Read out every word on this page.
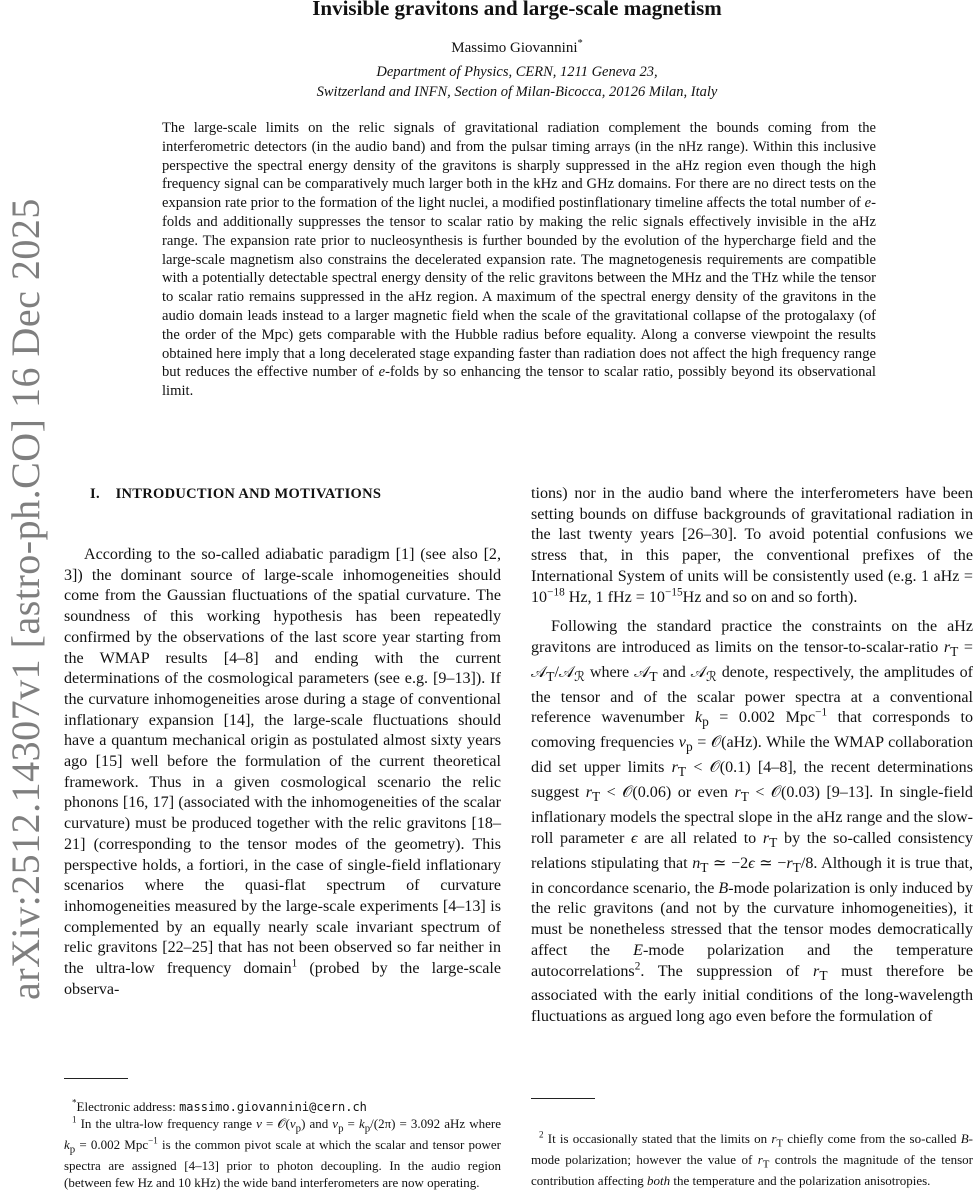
arXiv:2512.14307v1 [astro-ph.CO] 16 Dec 2025
Invisible gravitons and large-scale magnetism
Massimo Giovannini*
Department of Physics, CERN, 1211 Geneva 23,
Switzerland and INFN, Section of Milan-Bicocca, 20126 Milan, Italy

The large-scale limits on the relic signals of gravitational radiation complement the bounds coming from the interferometric detectors (in the audio band) and from the pulsar timing arrays (in the nHz range). Within this inclusive perspective the spectral energy density of the gravitons is sharply suppressed in the aHz region even though the high frequency signal can be comparatively much larger both in the kHz and GHz domains. For there are no direct tests on the expansion rate prior to the formation of the light nuclei, a modified postinflationary timeline affects the total number of e-folds and additionally suppresses the tensor to scalar ratio by making the relic signals effectively invisible in the aHz range. The expansion rate prior to nucleosynthesis is further bounded by the evolution of the hypercharge field and the large-scale magnetism also constrains the decelerated expansion rate. The magnetogenesis requirements are compatible with a potentially detectable spectral energy density of the relic gravitons between the MHz and the THz while the tensor to scalar ratio remains suppressed in the aHz region. A maximum of the spectral energy density of the gravitons in the audio domain leads instead to a larger magnetic field when the scale of the gravitational collapse of the protogalaxy (of the order of the Mpc) gets comparable with the Hubble radius before equality. Along a converse viewpoint the results obtained here imply that a long decelerated stage expanding faster than radiation does not affect the high frequency range but reduces the effective number of e-folds by so enhancing the tensor to scalar ratio, possibly beyond its observational limit.

I. INTRODUCTION AND MOTIVATIONS

According to the so-called adiabatic paradigm [1] (see also [2, 3]) the dominant source of large-scale inhomogeneities should come from the Gaussian fluctuations of the spatial curvature. The soundness of this working hypothesis has been repeatedly confirmed by the observations of the last score year starting from the WMAP results [4–8] and ending with the current determinations of the cosmological parameters (see e.g. [9–13]). If the curvature inhomogeneities arose during a stage of conventional inflationary expansion [14], the large-scale fluctuations should have a quantum mechanical origin as postulated almost sixty years ago [15] well before the formulation of the current theoretical framework. Thus in a given cosmological scenario the relic phonons [16, 17] (associated with the inhomogeneities of the scalar curvature) must be produced together with the relic gravitons [18–21] (corresponding to the tensor modes of the geometry). This perspective holds, a fortiori, in the case of single-field inflationary scenarios where the quasi-flat spectrum of curvature inhomogeneities measured by the large-scale experiments [4–13] is complemented by an equally nearly scale invariant spectrum of relic gravitons [22–25] that has not been observed so far neither in the ultra-low frequency domain$^1$ (probed by the large-scale observa-

tions) nor in the audio band where the interferometers have been setting bounds on diffuse backgrounds of gravitational radiation in the last twenty years [26–30]. To avoid potential confusions we stress that, in this paper, the conventional prefixes of the International System of units will be consistently used (e.g. 1 aHz = $10^{-18}$ Hz, 1 fHz = $10^{-15}Hz$ and so on and so forth).

Following the standard practice the constraints on the aHz gravitons are introduced as limits on the tensor-to-scalar-ratio $r_T$ = 𝒜$_T$/𝒜$_ℛ$ where 𝒜$_T$ and 𝒜$_ℛ$ denote, respectively, the amplitudes of the tensor and of the scalar power spectra at a conventional reference wavenumber $k_p = 0.002$ Mpc$^{-1}$ that corresponds to comoving frequencies $\nu_p$ = 𝒪(aHz). While the WMAP collaboration did set upper limits $r_T$ < 𝒪(0.1) [4–8], the recent determinations suggest $r_T$ < 𝒪(0.06) or even $r_T$ < 𝒪(0.03) [9–13]. In single-field inflationary models the spectral slope in the aHz range and the slow-roll parameter ϵ are all related to $r_T$ by the so-called consistency relations stipulating that $n_T$ ≃ −2ϵ ≃ $-r_T/8$. Although it is true that, in concordance scenario, the B-mode polarization is only induced by the relic gravitons (and not by the curvature inhomogeneities), it must be nonetheless stressed that the tensor modes democratically affect the E-mode polarization and the temperature autocorrelations$^2$. The suppression of $r_T$ must therefore be associated with the early initial conditions of the long-wavelength fluctuations as argued long ago even before the formulation of

*Electronic address: massimo.giovannini@cern.ch

$^1$ In the ultra-low frequency range $\nu = 𝒪(\nu_p)$ and $\nu_p = k_p/(2\pi) = 3.092$ aHz where $k_p = 0.002$ Mpc$^{-1}$ is the common pivot scale at which the scalar and tensor power spectra are assigned [4–13] prior to photon decoupling. In the audio region (between few Hz and 10 kHz) the wide band interferometers are now operating.

$^2$ It is occasionally stated that the limits on $r_T$ chiefly come from the so-called B-mode polarization; however the value of $r_T$ controls the magnitude of the tensor contribution affecting both the temperature and the polarization anisotropies.
